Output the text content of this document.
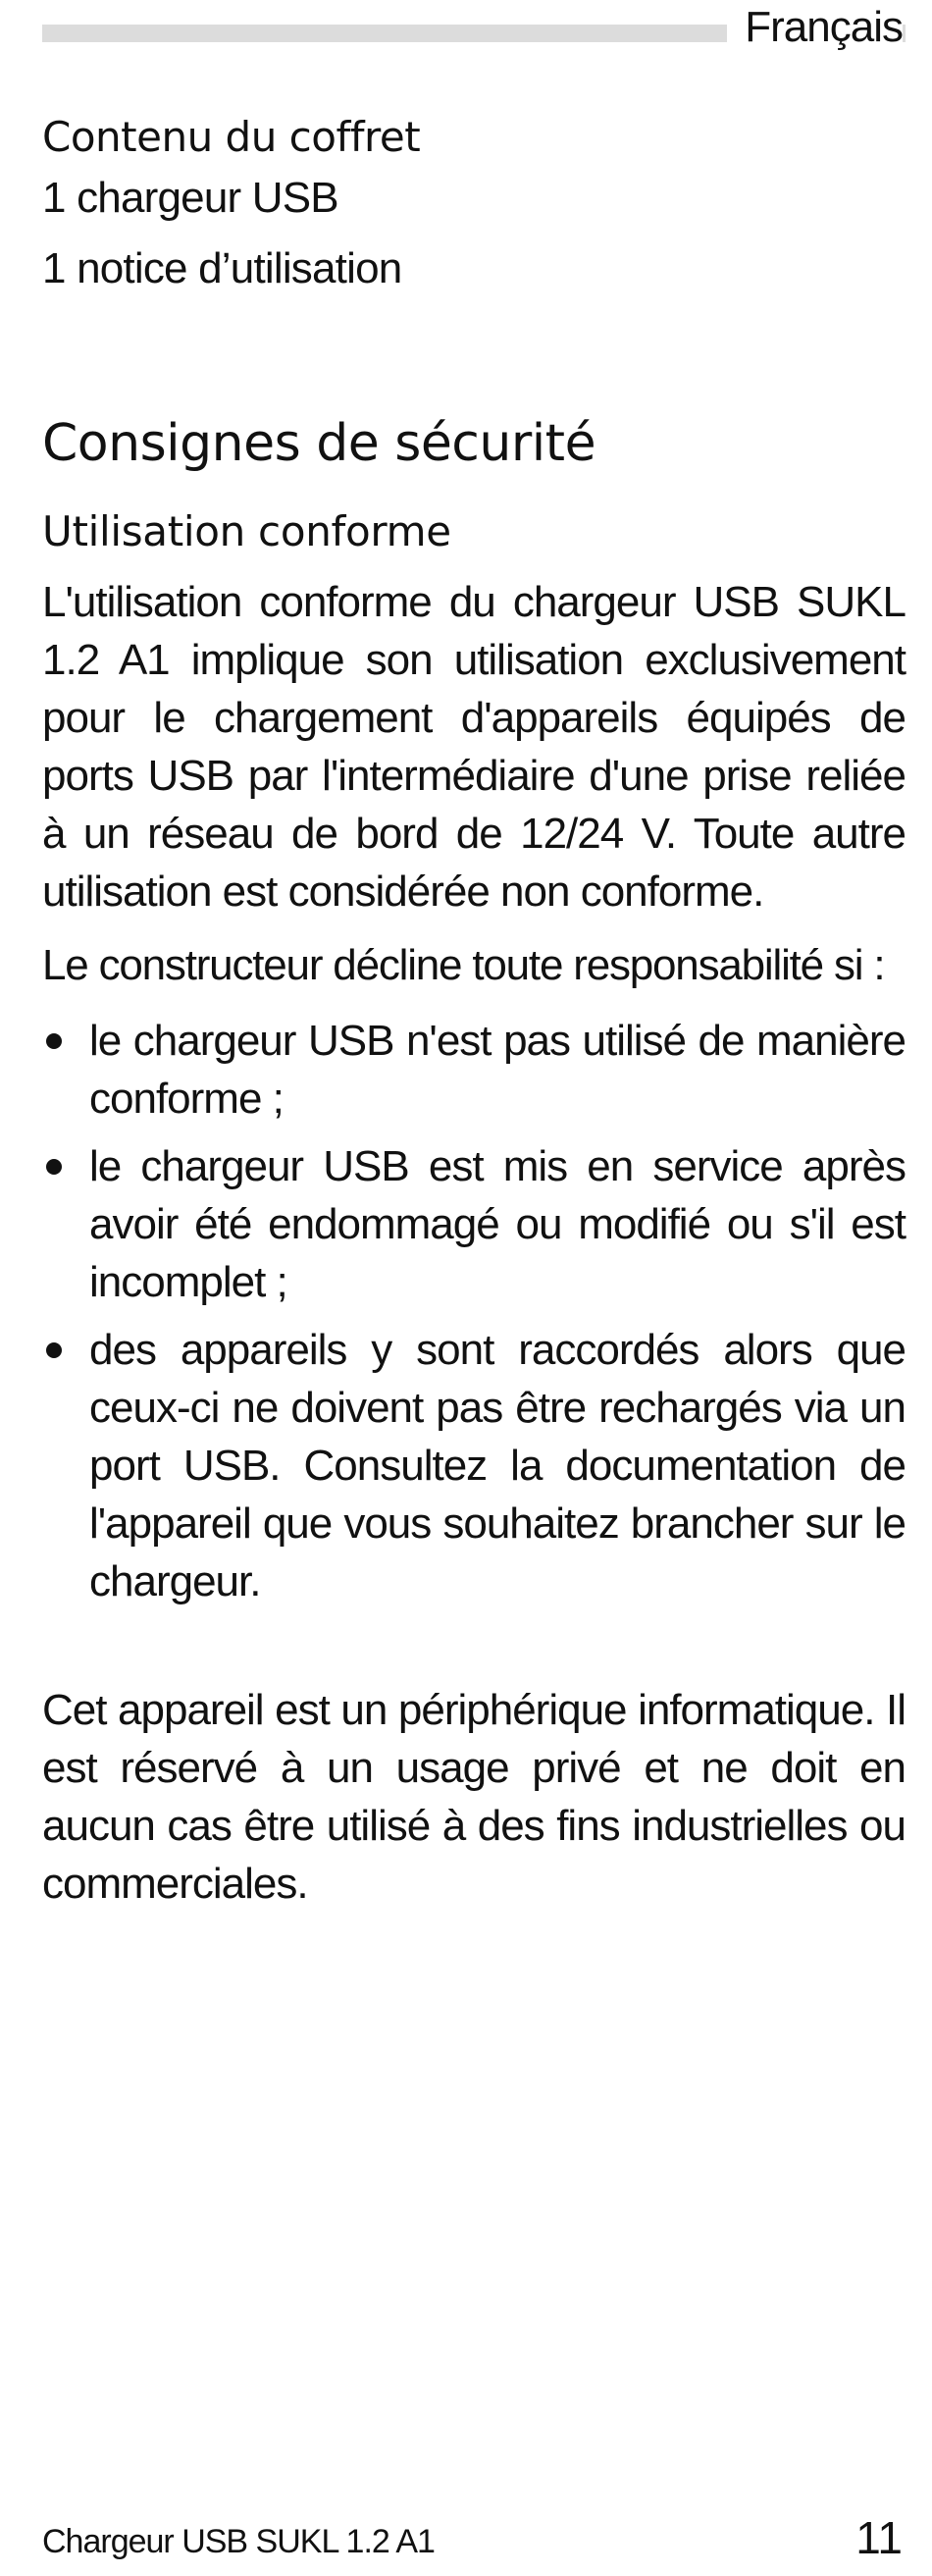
Français
Contenu du coffret
1 chargeur USB
1 notice d’utilisation
Consignes de sécurité
Utilisation conforme
L'utilisation conforme du chargeur USB SUKL 1.2 A1 implique son utilisation exclusivement pour le chargement d'appareils équipés de ports USB par l'intermédiaire d'une prise reliée à un réseau de bord de 12/24 V. Toute autre utilisation est considérée non conforme.
Le constructeur décline toute responsabilité si :
le chargeur USB n'est pas utilisé de manière conforme ;
le chargeur USB est mis en service après avoir été endommagé ou modifié ou s'il est incomplet ;
des appareils y sont raccordés alors que ceux-ci ne doivent pas être rechargés via un port USB. Consultez la documentation de l'appareil que vous souhaitez brancher sur le chargeur.
Cet appareil est un périphérique informatique. Il est réservé à un usage privé et ne doit en aucun cas être utilisé à des fins industrielles ou commerciales.
Chargeur USB SUKL 1.2 A1	11
